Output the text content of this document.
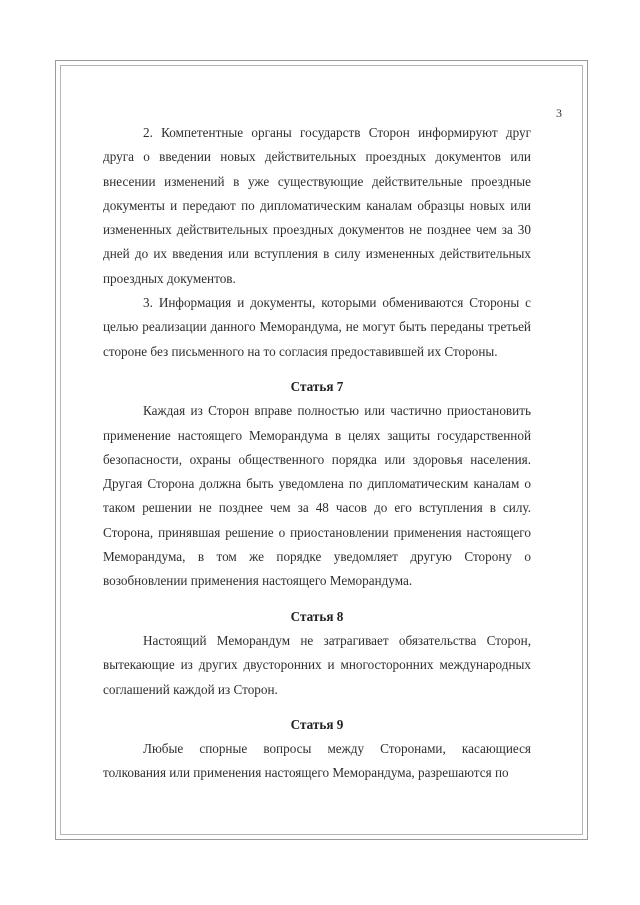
3

2. Компетентные органы государств Сторон информируют друг друга о введении новых действительных проездных документов или внесении изменений в уже существующие действительные проездные документы и передают по дипломатическим каналам образцы новых или измененных действительных проездных документов не позднее чем за 30 дней до их введения или вступления в силу измененных действительных проездных документов.

3. Информация и документы, которыми обмениваются Стороны с целью реализации данного Меморандума, не могут быть переданы третьей стороне без письменного на то согласия предоставившей их Стороны.

Статья 7

Каждая из Сторон вправе полностью или частично приостановить применение настоящего Меморандума в целях защиты государственной безопасности, охраны общественного порядка или здоровья населения. Другая Сторона должна быть уведомлена по дипломатическим каналам о таком решении не позднее чем за 48 часов до его вступления в силу. Сторона, принявшая решение о приостановлении применения настоящего Меморандума, в том же порядке уведомляет другую Сторону о возобновлении применения настоящего Меморандума.

Статья 8

Настоящий Меморандум не затрагивает обязательства Сторон, вытекающие из других двусторонних и многосторонних международных соглашений каждой из Сторон.

Статья 9

Любые спорные вопросы между Сторонами, касающиеся толкования или применения настоящего Меморандума, разрешаются по
